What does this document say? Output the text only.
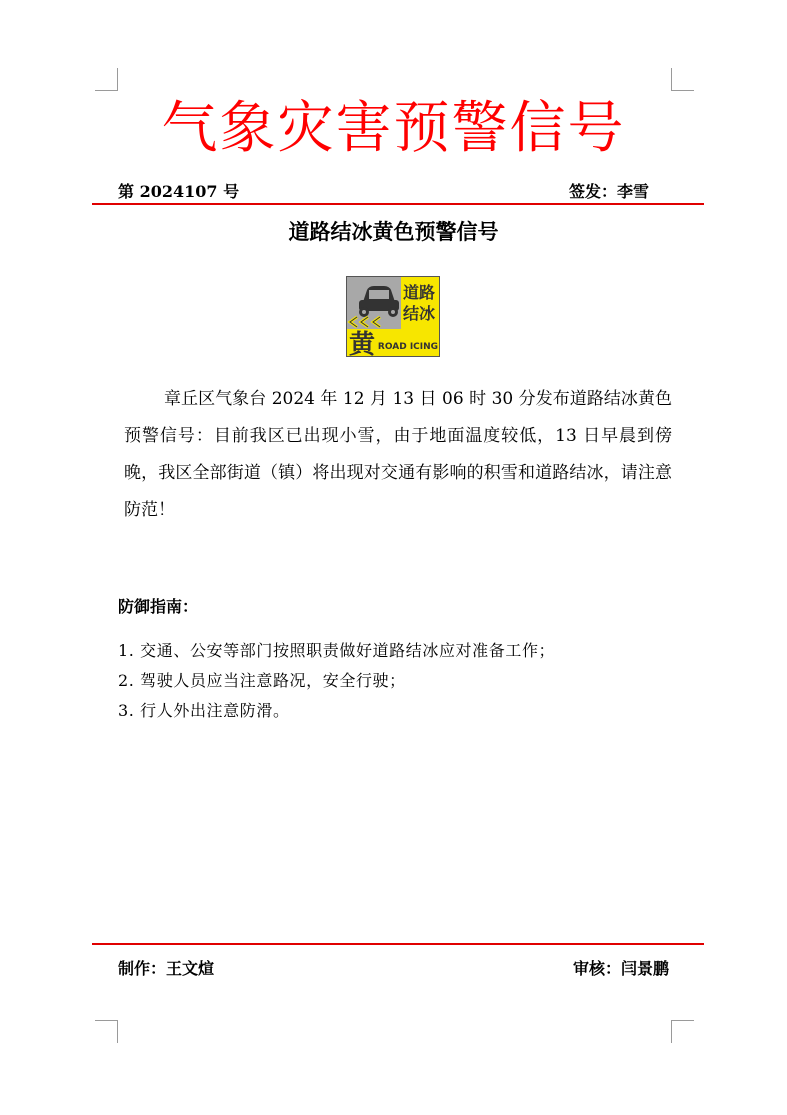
气象灾害预警信号
第 2024107 号	签发：李雪
道路结冰黄色预警信号
道路
结冰
黄 ROAD ICING

章丘区气象台 2024 年 12 月 13 日 06 时 30 分发布道路结冰黄色预警信号：目前我区已出现小雪，由于地面温度较低，13 日早晨到傍晚，我区全部街道（镇）将出现对交通有影响的积雪和道路结冰，请注意防范！

防御指南：
1. 交通、公安等部门按照职责做好道路结冰应对准备工作；
2. 驾驶人员应当注意路况，安全行驶；
3. 行人外出注意防滑。
制作：王文煊	审核：闫景鹏
